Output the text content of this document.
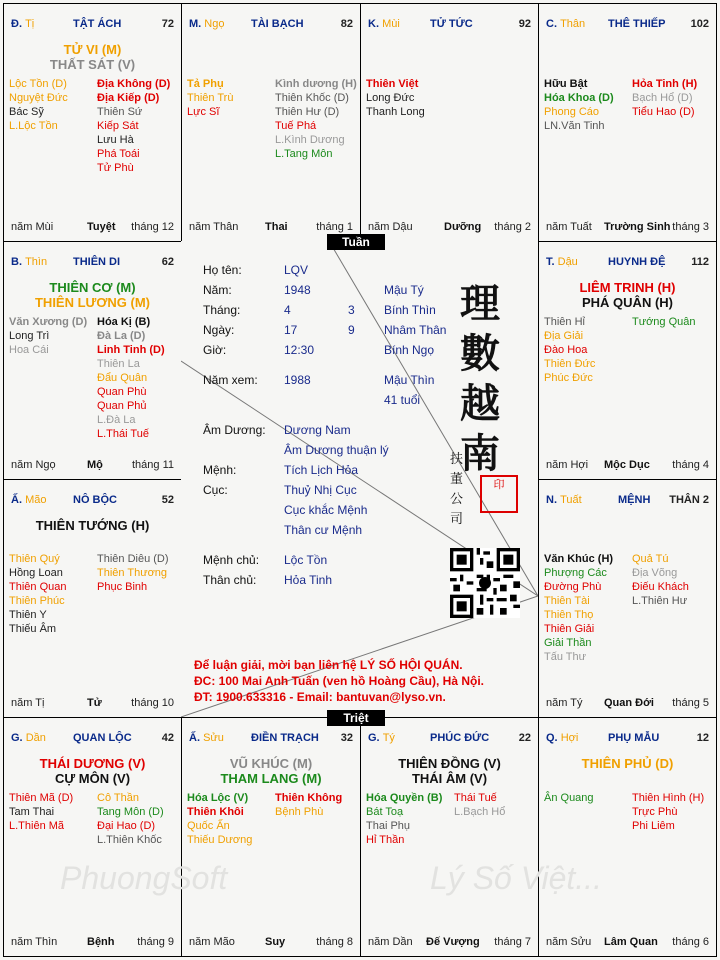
Đ. Tị	TẬT ÁCH	72
TỬ VI (M)
THẤT SÁT (V)
Lộc Tồn (D)
Nguyệt Đức
Bác Sỹ
L.Lộc Tồn
Địa Không (D)
Địa Kiếp (D)
Thiên Sứ
Kiếp Sát
Lưu Hà
Phá Toái
Tử Phù
năm Mùi	Tuyệt tháng 12
M. Ngọ TÀI BẠCH	82
Tả Phụ
Thiên Trù
Lực Sĩ
Kình dương (H)
Thiên Khốc (D)
Thiên Hư (D)
Tuế Phá
L.Kình Dương
L.Tang Môn
năm Thân Thai	tháng 1
K. Mùi	TỬ TỨC	92
Thiên Việt
Long Đức
Thanh Long
năm Dậu	Dưỡng tháng 2
C. Thân THÊ THIẾP 102
Hữu Bật
Hóa Khoa (D)
Phong Cáo
LN.Văn Tinh
Hỏa Tinh (H)
Bạch Hổ (D)
Tiểu Hao (D)
năm Tuất Trường Sinh tháng 3
B. Thìn THIÊN DI	62
THIÊN CƠ (M)
THIÊN LƯƠNG (M)
Văn Xương (D)
Long Trì
Hoa Cái
Hóa Kị (B)
Đà La (D)
Linh Tinh (D)
Thiên La
Đẩu Quân
Quan Phù
Quan Phủ
L.Đà La
L.Thái Tuế
năm Ngọ	Mộ	tháng 11
T. Dậu	HUYNH ĐỆ 112
LIÊM TRINH (H)
PHÁ QUÂN (H)
Thiên Hỉ
Địa Giải
Đào Hoa
Thiên Đức
Phúc Đức
Tướng Quân
năm Hợi Mộc Dục tháng 4
Ấ. Mão NÔ BỘC	52
THIÊN TƯỚNG (H)
Thiên Quý
Hồng Loan
Thiên Quan
Thiên Phúc
Thiên Y
Thiếu Âm
Thiên Diêu (D)
Thiên Thương
Phục Binh
năm Tị	Tử	tháng 10
N. Tuất	MỆNH THÂN 2
Văn Khúc (H)
Phượng Các
Đường Phù
Thiên Tài
Thiên Thọ
Thiên Giải
Giải Thần
Tấu Thư
Quả Tú
Địa Võng
Điếu Khách
L.Thiên Hư
năm Tý Quan Đới tháng 5
G. Dần QUAN LỘC	42
THÁI DƯƠNG (V)
CỰ MÔN (V)
Thiên Mã (D)
Tam Thai
L.Thiên Mã
Cô Thần
Tang Môn (D)
Đại Hao (D)
L.Thiên Khốc
năm Thìn	Bệnh tháng 9
Ấ. Sửu ĐIỀN TRẠCH 32
VŨ KHÚC (M)
THAM LANG (M)
Hóa Lộc (V)
Thiên Khôi
Quốc Ấn
Thiếu Dương
Thiên Không
Bệnh Phù
năm Mão	Suy	tháng 8
G. Tý	PHÚC ĐỨC	22
THIÊN ĐỒNG (V)
THÁI ÂM (V)
Hóa Quyền (B)
Bát Toạ
Thai Phụ
Hỉ Thần
Thái Tuế
L.Bạch Hổ
năm Dần Đế Vượng tháng 7
Q. Hợi	PHỤ MẪU	12
THIÊN PHỦ (D)
Ân Quang	Thiên Hình (H)
Trực Phù
Phi Liêm
năm Sửu Lâm Quan tháng 6
Họ tên:	LQV
Năm:	1948	Mậu Tý
Tháng:	4	3 Bính Thìn
Ngày:	17	9 Nhâm Thân
Giờ:	12:30	Bính Ngọ
Năm xem: 1988	Mậu Thìn
41 tuổi
Âm Dương: Dương Nam
Âm Dương thuận lý
Mệnh:	Tích Lịch Hỏa
Cục:	Thuỷ Nhị Cục
Cục khắc Mệnh
Thân cư Mệnh
Mệnh chủ: Lộc Tồn
Thân chủ: Hỏa Tinh
理
數
越
南
扶
董
公
司
印
Để luận giải, mời bạn liên hệ LÝ SỐ HỘI QUÁN.
ĐC: 100 Mai Anh Tuấn (ven hồ Hoàng Cầu), Hà Nội.
ĐT: 1900.633316 - Email: bantuvan@lyso.vn.
Tuần
Triệt
PhuongSoft	Lý Số Việt...
